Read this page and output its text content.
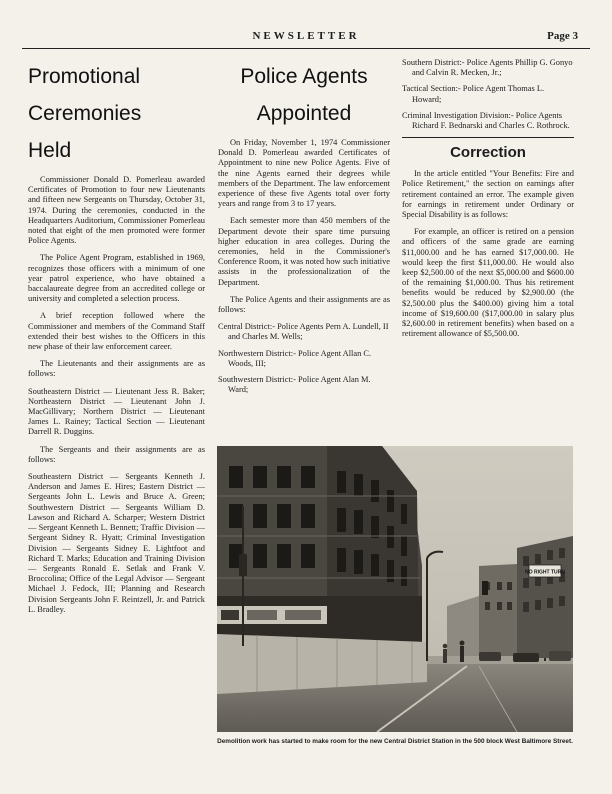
NEWSLETTER	Page 3
Promotional
Ceremonies
Held

Commissioner Donald D. Pomerleau awarded Certificates of Promotion to four new Lieutenants and fifteen new Sergeants on Thursday, October 31, 1974. During the ceremonies, conducted in the Headquarters Auditorium, Commissioner Pomerleau noted that eight of the men promoted were former Police Agents.

The Police Agent Program, established in 1969, recognizes those officers with a minimum of one year patrol experience, who have obtained a baccalaureate degree from an accredited college or university and completed a selection process.

A brief reception followed where the Commissioner and members of the Command Staff extended their best wishes to the Officers in this new phase of their law enforcement career.

The Lieutenants and their assignments are as follows:

Southeastern District — Lieutenant Jess R. Baker; Northeastern District — Lieutenant John J. MacGillivary; Northern District — Lieutenant James L. Rainey; Tactical Section — Lieutenant Darrell R. Duggins.

The Sergeants and their assignments are as follows:

Southeastern District — Sergeants Kenneth J. Anderson and James E. Hires; Eastern District — Sergeants John L. Lewis and Bruce A. Green; Southwestern District — Sergeants William D. Lawson and Richard A. Scharper; Western District — Sergeant Kenneth L. Bennett; Traffic Division — Sergeant Sidney R. Hyatt; Criminal Investigation Division — Sergeants Sidney E. Lightfoot and Richard T. Marks; Education and Training Division — Sergeants Ronald E. Setlak and Frank V. Broccolina; Office of the Legal Advisor — Sergeant Michael J. Fedock, III; Planning and Research Division Sergeants John F. Reintzell, Jr. and Patrick L. Bradley.

Police Agents
Appointed

On Friday, November 1, 1974 Commissioner Donald D. Pomerleau awarded Certificates of Appointment to nine new Police Agents. Five of the nine Agents earned their degrees while members of the Department. The law enforcement experience of these five Agents total over forty years and range from 3 to 17 years.

Each semester more than 450 members of the Department devote their spare time pursuing higher education in area colleges. During the ceremonies, held in the Commissioner's Conference Room, it was noted how such initiative assists in the professionalization of the Department.

The Police Agents and their assignments are as follows:

Central District:- Police Agents Pern A. Lundell, II and Charles M. Wells;

Northwestern District:- Police Agent Allan C. Woods, III;

Southwestern District:- Police Agent Alan M. Ward;

Southern District:- Police Agents Phillip G. Gonyo and Calvin R. Mecken, Jr.;

Tactical Section:- Police Agent Thomas L. Howard;

Criminal Investigation Division:- Police Agents Richard F. Bednarski and Charles C. Rothrock.

Correction

In the article entitled "Your Benefits: Fire and Police Retirement," the section on earnings after retirement contained an error. The example given for earnings in retirement under Ordinary or Special Disability is as follows:

For example, an officer is retired on a pension and officers of the same grade are earning $11,000.00 and he has earned $17,000.00. He would keep the first $11,000.00. He would also keep $2,500.00 of the next $5,000.00 and $600.00 of the remaining $1,000.00. Thus his retirement benefits would be reduced by $2,900.00 (the $2,500.00 plus the $400.00) giving him a total income of $19,600.00 ($17,000.00 in salary plus $2,600.00 in retirement benefits) when based on a retirement allowance of $5,500.00.

NO RIGHT TURN
Demolition work has started to make room for the new Central District Station in the 500 block West Baltimore Street.
